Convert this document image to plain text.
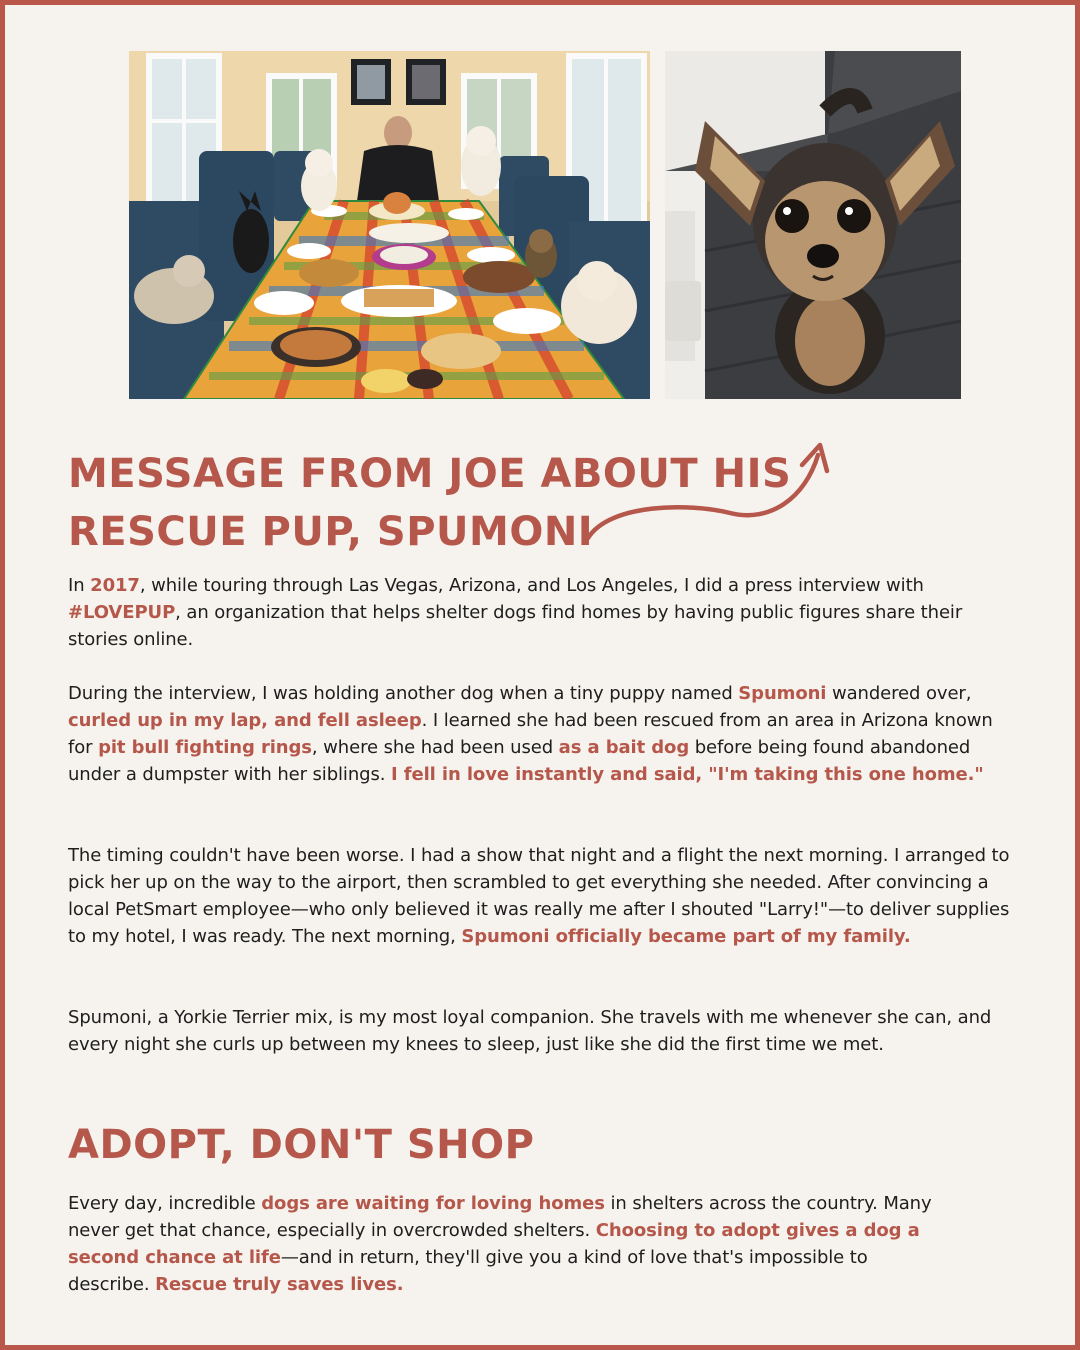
MESSAGE FROM JOE ABOUT HIS RESCUE PUP, SPUMONI

In 2017, while touring through Las Vegas, Arizona, and Los Angeles, I did a press interview with #LOVEPUP, an organization that helps shelter dogs find homes by having public figures share their stories online.

During the interview, I was holding another dog when a tiny puppy named Spumoni wandered over, curled up in my lap, and fell asleep. I learned she had been rescued from an area in Arizona known for pit bull fighting rings, where she had been used as a bait dog before being found abandoned under a dumpster with her siblings. I fell in love instantly and said, "I'm taking this one home."

The timing couldn't have been worse. I had a show that night and a flight the next morning. I arranged to pick her up on the way to the airport, then scrambled to get everything she needed. After convincing a local PetSmart employee—who only believed it was really me after I shouted "Larry!"—to deliver supplies to my hotel, I was ready. The next morning, Spumoni officially became part of my family.

Spumoni, a Yorkie Terrier mix, is my most loyal companion. She travels with me whenever she can, and every night she curls up between my knees to sleep, just like she did the first time we met.

ADOPT, DON'T SHOP

Every day, incredible dogs are waiting for loving homes in shelters across the country. Many never get that chance, especially in overcrowded shelters. Choosing to adopt gives a dog a second chance at life—and in return, they'll give you a kind of love that's impossible to describe. Rescue truly saves lives.
